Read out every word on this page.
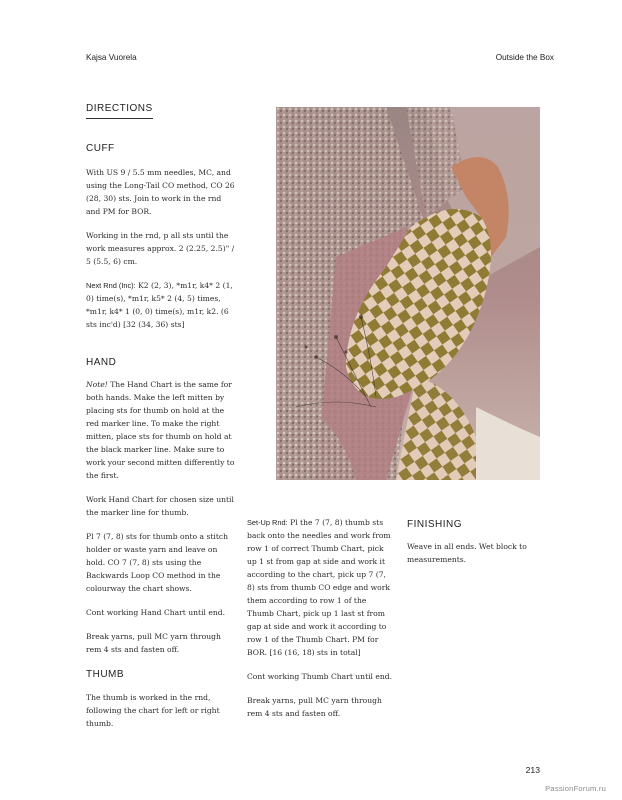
Kajsa Vuorela	Outside the Box
DIRECTIONS
CUFF

With US 9 / 5.5 mm needles, MC, and using the Long-Tail CO method, CO 26 (28, 30) sts. Join to work in the rnd and PM for BOR.

Working in the rnd, p all sts until the work measures approx. 2 (2.25, 2.5)" / 5 (5.5, 6) cm.

Next Rnd (Inc): K2 (2, 3), *m1r, k4* 2 (1, 0) time(s), *m1r, k5* 2 (4, 5) times, *m1r, k4* 1 (0, 0) time(s), m1r, k2. (6 sts inc'd) [32 (34, 36) sts]

HAND

Note! The Hand Chart is the same for both hands. Make the left mitten by placing sts for thumb on hold at the red marker line. To make the right mitten, place sts for thumb on hold at the black marker line. Make sure to work your second mitten differently to the first.

Work Hand Chart for chosen size until the marker line for thumb.

Pl 7 (7, 8) sts for thumb onto a stitch holder or waste yarn and leave on hold. CO 7 (7, 8) sts using the Backwards Loop CO method in the colourway the chart shows.

Cont working Hand Chart until end.

Break yarns, pull MC yarn through rem 4 sts and fasten off.

THUMB

The thumb is worked in the rnd, following the chart for left or right thumb.

Set-Up Rnd: Pl the 7 (7, 8) thumb sts back onto the needles and work from row 1 of correct Thumb Chart, pick up 1 st from gap at side and work it according to the chart, pick up 7 (7, 8) sts from thumb CO edge and work them according to row 1 of the Thumb Chart, pick up 1 last st from gap at side and work it according to row 1 of the Thumb Chart. PM for BOR. [16 (16, 18) sts in total]

Cont working Thumb Chart until end.

Break yarns, pull MC yarn through rem 4 sts and fasten off.

FINISHING

Weave in all ends. Wet block to measurements.

213
PassionForum.ru
